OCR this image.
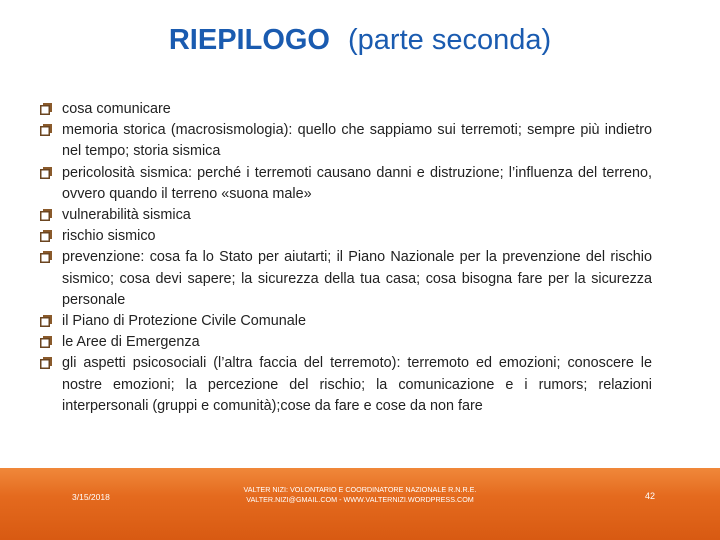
RIEPILOGO (parte seconda)
cosa comunicare
memoria storica (macrosismologia): quello che sappiamo sui terremoti; sempre più indietro nel tempo; storia sismica
pericolosità sismica: perché i terremoti causano danni e distruzione; l’influenza del terreno, ovvero quando il terreno «suona male»
vulnerabilità sismica
rischio sismico
prevenzione: cosa fa lo Stato per aiutarti; il Piano Nazionale per la prevenzione del rischio sismico; cosa devi sapere; la sicurezza della tua casa; cosa bisogna fare per la sicurezza personale
il Piano di Protezione Civile Comunale
le Aree di Emergenza
gli aspetti psicosociali (l’altra faccia del terremoto): terremoto ed emozioni; conoscere le nostre emozioni; la percezione del rischio; la comunicazione e i rumors; relazioni interpersonali (gruppi e comunità);cose da fare e cose da non fare
3/15/2018
VALTER NIZI: VOLONTARIO E COORDINATORE NAZIONALE R.N.R.E.
VALTER.NIZI@GMAIL.COM - WWW.VALTERNIZI.WORDPRESS.COM	42
